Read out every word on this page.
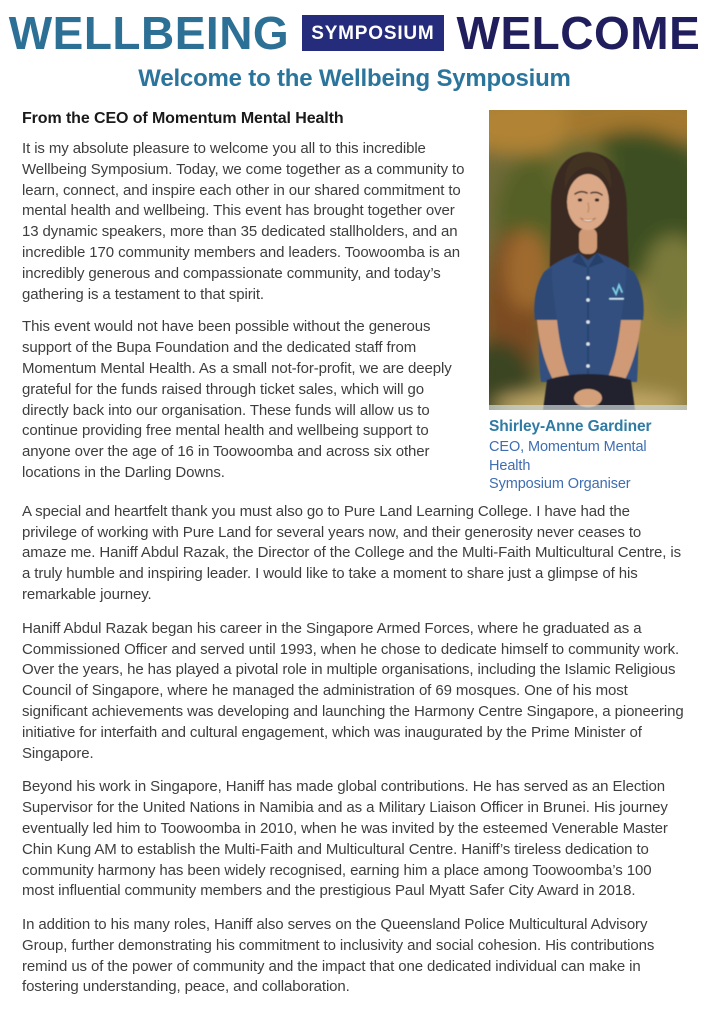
WELLBEING	SYMPOSIUM WELCOME
Welcome to the Wellbeing Symposium
From the CEO of Momentum Mental Health

It is my absolute pleasure to welcome you all to this incredible Wellbeing Symposium. Today, we come together as a community to learn, connect, and inspire each other in our shared commitment to mental health and wellbeing. This event has brought together over 13 dynamic speakers, more than 35 dedicated stallholders, and an incredible 170 community members and leaders. Toowoomba is an incredibly generous and compassionate community, and today’s gathering is a testament to that spirit.

This event would not have been possible without the generous support of the Bupa Foundation and the dedicated staff from Momentum Mental Health. As a small not-for-profit, we are deeply grateful for the funds raised through ticket sales, which will go directly back into our organisation. These funds will allow us to continue providing free mental health and wellbeing support to anyone over the age of 16 in Toowoomba and across six other locations in the Darling Downs.

Shirley-Anne Gardiner
CEO, Momentum Mental Health
Symposium Organiser

A special and heartfelt thank you must also go to Pure Land Learning College. I have had the privilege of working with Pure Land for several years now, and their generosity never ceases to amaze me. Haniff Abdul Razak, the Director of the College and the Multi-Faith Multicultural Centre, is a truly humble and inspiring leader. I would like to take a moment to share just a glimpse of his remarkable journey.

Haniff Abdul Razak began his career in the Singapore Armed Forces, where he graduated as a Commissioned Officer and served until 1993, when he chose to dedicate himself to community work. Over the years, he has played a pivotal role in multiple organisations, including the Islamic Religious Council of Singapore, where he managed the administration of 69 mosques. One of his most significant achievements was developing and launching the Harmony Centre Singapore, a pioneering initiative for interfaith and cultural engagement, which was inaugurated by the Prime Minister of Singapore.

Beyond his work in Singapore, Haniff has made global contributions. He has served as an Election Supervisor for the United Nations in Namibia and as a Military Liaison Officer in Brunei. His journey eventually led him to Toowoomba in 2010, when he was invited by the esteemed Venerable Master Chin Kung AM to establish the Multi-Faith and Multicultural Centre. Haniff’s tireless dedication to community harmony has been widely recognised, earning him a place among Toowoomba’s 100 most influential community members and the prestigious Paul Myatt Safer City Award in 2018.

In addition to his many roles, Haniff also serves on the Queensland Police Multicultural Advisory Group, further demonstrating his commitment to inclusivity and social cohesion. His contributions remind us of the power of community and the impact that one dedicated individual can make in fostering understanding, peace, and collaboration.
